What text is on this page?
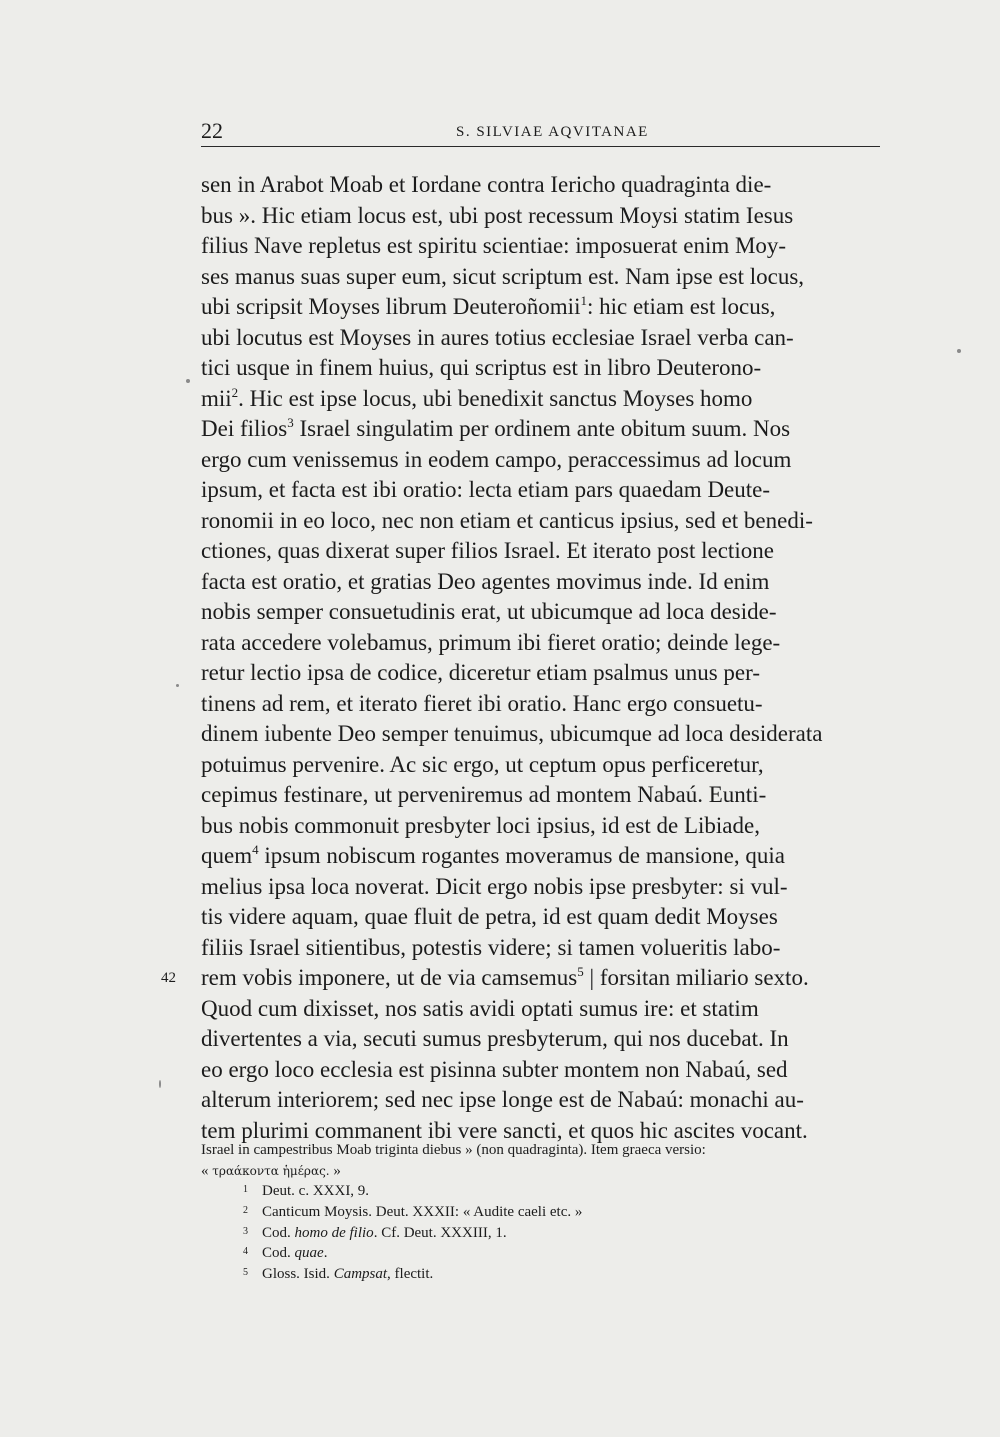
22	S. SILVIAE AQVITANAE
sen in Arabot Moab et Iordane contra Iericho quadraginta die-
bus ». Hic etiam locus est, ubi post recessum Moysi statim Iesus
filius Nave repletus est spiritu scientiae: imposuerat enim Moy-
ses manus suas super eum, sicut scriptum est. Nam ipse est locus,
ubi scripsit Moyses librum Deuteroñomii$^1$: hic etiam est locus,
ubi locutus est Moyses in aures totius ecclesiae Israel verba can-
tici usque in finem huius, qui scriptus est in libro Deuterono-
mii$^2$. Hic est ipse locus, ubi benedixit sanctus Moyses homo
Dei filios$^3$ Israel singulatim per ordinem ante obitum suum. Nos
ergo cum venissemus in eodem campo, peraccessimus ad locum
ipsum, et facta est ibi oratio: lecta etiam pars quaedam Deute-
ronomii in eo loco, nec non etiam et canticus ipsius, sed et benedi-
ctiones, quas dixerat super filios Israel. Et iterato post lectione
facta est oratio, et gratias Deo agentes movimus inde. Id enim
nobis semper consuetudinis erat, ut ubicumque ad loca deside-
rata accedere volebamus, primum ibi fieret oratio; deinde lege-
retur lectio ipsa de codice, diceretur etiam psalmus unus per-
tinens ad rem, et iterato fieret ibi oratio. Hanc ergo consuetu-
dinem iubente Deo semper tenuimus, ubicumque ad loca desiderata
potuimus pervenire. Ac sic ergo, ut ceptum opus perficeretur,
cepimus festinare, ut perveniremus ad montem Nabaú. Eunti-
bus nobis commonuit presbyter loci ipsius, id est de Libiade,
quem$^4$ ipsum nobiscum rogantes moveramus de mansione, quia
melius ipsa loca noverat. Dicit ergo nobis ipse presbyter: si vul-
tis videre aquam, quae fluit de petra, id est quam dedit Moyses
filiis Israel sitientibus, potestis videre; si tamen volueritis labo-
42 rem vobis imponere, ut de via camsemus$^5$ | forsitan miliario sexto.
Quod cum dixisset, nos satis avidi optati sumus ire: et statim
divertentes a via, secuti sumus presbyterum, qui nos ducebat. In
eo ergo loco ecclesia est pisinna subter montem non Nabaú, sed
alterum interiorem; sed nec ipse longe est de Nabaú: monachi au-
tem plurimi commanent ibi vere sancti, et quos hic ascites vocant.
Israel in campestribus Moab triginta diebus » (non quadraginta). Item graeca versio:
« τραάκοντα ἡμέρας. »
1 Deut. c. XXXI, 9.
2 Canticum Moysis. Deut. XXXII: « Audite caeli etc. »
3 Cod. homo de filio. Cf. Deut. XXXIII, 1.
4 Cod. quae.
5 Gloss. Isid. Campsat, flectit.
